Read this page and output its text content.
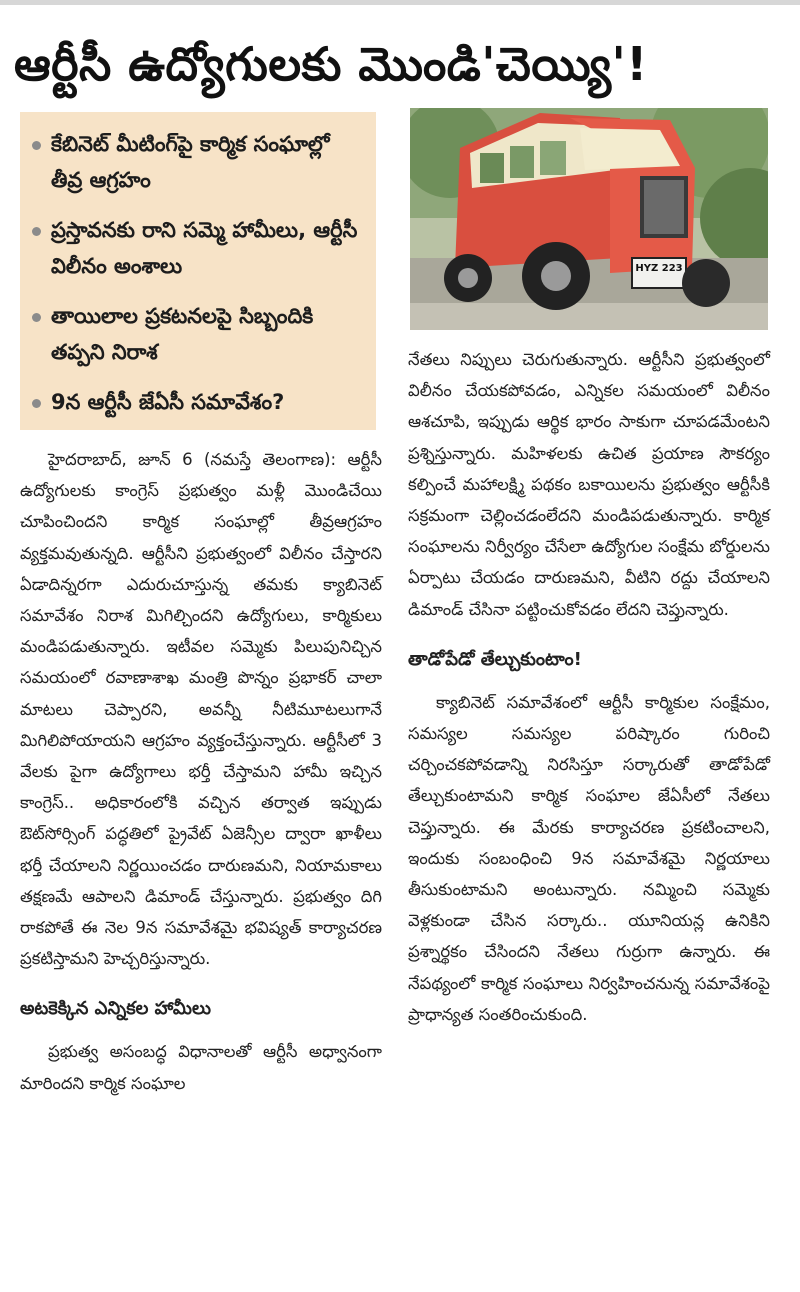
ఆర్టీసీ ఉద్యోగులకు మొండి'చెయ్యి'!
కేబినెట్ మీటింగ్‌పై కార్మిక సంఘాల్లో తీవ్ర ఆగ్రహం
ప్రస్తావనకు రాని సమ్మె హామీలు, ఆర్టీసీ విలీనం అంశాలు
తాయిలాల ప్రకటనలపై సిబ్బందికి తప్పని నిరాశ
9న ఆర్టీసీ జేఏసీ సమావేశం?
HYZ 223

హైదరాబాద్, జూన్ 6 (నమస్తే తెలంగాణ): ఆర్టీసీ ఉద్యోగులకు కాంగ్రెస్ ప్రభుత్వం మళ్లీ మొండిచేయి చూపించిందని కార్మిక సంఘాల్లో తీవ్రఆగ్రహం వ్యక్తమవుతున్నది. ఆర్టీసీని ప్రభుత్వంలో విలీనం చేస్తారని ఏడాదిన్నరగా ఎదురుచూస్తున్న తమకు క్యాబినెట్ సమావేశం నిరాశ మిగిల్చిందని ఉద్యోగులు, కార్మికులు మండిపడుతున్నారు. ఇటీవల సమ్మెకు పిలుపునిచ్చిన సమయంలో రవాణాశాఖ మంత్రి పొన్నం ప్రభాకర్ చాలా మాటలు చెప్పారని, అవన్నీ నీటిమూటలుగానే మిగిలిపోయాయని ఆగ్రహం వ్యక్తంచేస్తున్నారు. ఆర్టీసీలో 3 వేలకు పైగా ఉద్యోగాలు భర్తీ చేస్తామని హామీ ఇచ్చిన కాంగ్రెస్.. అధికారంలోకి వచ్చిన తర్వాత ఇప్పుడు ఔట్‌సోర్సింగ్ పద్ధతిలో ప్రైవేట్ ఏజెన్సీల ద్వారా ఖాళీలు భర్తీ చేయాలని నిర్ణయించడం దారుణమని, నియామకాలు తక్షణమే ఆపాలని డిమాండ్ చేస్తున్నారు. ప్రభుత్వం దిగి రాకపోతే ఈ నెల 9న సమావేశమై భవిష్యత్ కార్యాచరణ ప్రకటిస్తామని హెచ్చరిస్తున్నారు.

అటకెక్కిన ఎన్నికల హామీలు

ప్రభుత్వ అసంబద్ధ విధానాలతో ఆర్టీసీ అధ్వానంగా మారిందని కార్మిక సంఘాల

నేతలు నిప్పులు చెరుగుతున్నారు. ఆర్టీసీని ప్రభుత్వంలో విలీనం చేయకపోవడం, ఎన్నికల సమయంలో విలీనం ఆశచూపి, ఇప్పుడు ఆర్థిక భారం సాకుగా చూపడమేంటని ప్రశ్నిస్తున్నారు. మహిళలకు ఉచిత ప్రయాణ సౌకర్యం కల్పించే మహాలక్ష్మి పథకం బకాయిలను ప్రభుత్వం ఆర్టీసీకి సక్రమంగా చెల్లించడంలేదని మండిపడుతున్నారు. కార్మిక సంఘాలను నిర్వీర్యం చేసేలా ఉద్యోగుల సంక్షేమ బోర్డులను ఏర్పాటు చేయడం దారుణమని, వీటిని రద్దు చేయాలని డిమాండ్ చేసినా పట్టించుకోవడం లేదని చెప్తున్నారు.

తాడోపేడో తేల్చుకుంటాం!

క్యాబినెట్ సమావేశంలో ఆర్టీసీ కార్మికుల సంక్షేమం, సమస్యల సమస్యల పరిష్కారం గురించి చర్చించకపోవడాన్ని నిరసిస్తూ సర్కారుతో తాడోపేడో తేల్చుకుంటామని కార్మిక సంఘాల జేఏసీలో నేతలు చెప్తున్నారు. ఈ మేరకు కార్యాచరణ ప్రకటించాలని, ఇందుకు సంబంధించి 9న సమావేశమై నిర్ణయాలు తీసుకుంటామని అంటున్నారు. నమ్మించి సమ్మెకు వెళ్లకుండా చేసిన సర్కారు.. యూనియన్ల ఉనికిని ప్రశ్నార్థకం చేసిందని నేతలు గుర్రుగా ఉన్నారు. ఈ నేపథ్యంలో కార్మిక సంఘాలు నిర్వహించనున్న సమావేశంపై ప్రాధాన్యత సంతరించుకుంది.
